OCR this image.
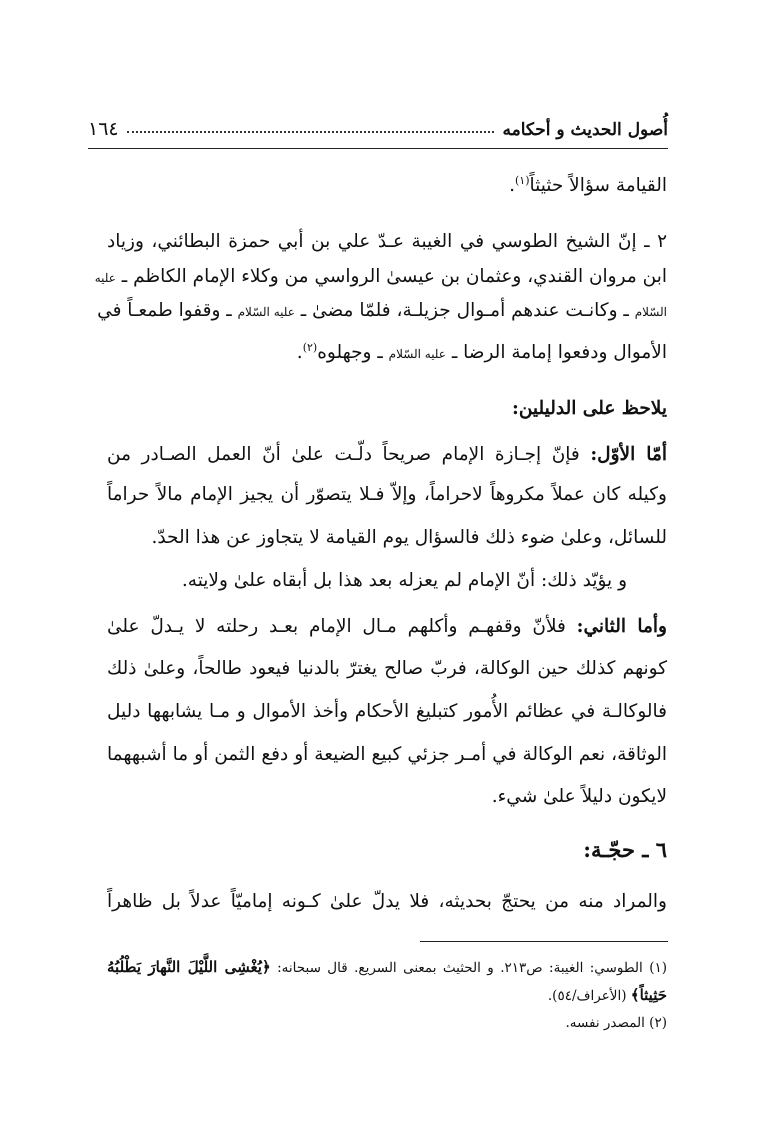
أُصول الحديث و أحكامه
١٦٤
القيامة سؤالاً حثيثاً$^{(١)}$.
٢ ـ إنّ الشيخ الطوسي في الغيبة عـدّ علي بن أبي حمزة البطائني، وزياد
ابن مروان القندي، وعثمان بن عيسىٰ الرواسي من وكلاء الإمام الكاظم ـ عليه
السّلام ـ وكانـت عندهم أمـوال جزيلـة، فلمّا مضىٰ ـ عليه السّلام ـ وقفوا طمعـاً في
الأموال ودفعوا إمامة الرضا ـ عليه السّلام ـ وجهلوه$^{(٢)}$.
يلاحظ على الدليلين:
أمّا الأوّل: فإنّ إجـازة الإمام صريحاً دلّـت علىٰ أنّ العمل الصـادر من
وكيله كان عملاً مكروهاً لاحراماً، وإلاّ فـلا يتصوّر أن يجيز الإمام مالاً حراماً
للسائل، وعلىٰ ضوء ذلك فالسؤال يوم القيامة لا يتجاوز عن هذا الحدّ.
و يؤيّد ذلك: أنّ الإمام لم يعزله بعد هذا بل أبقاه علىٰ ولايته.
وأما الثاني: فلأنّ وقفهـم وأكلهم مـال الإمام بعـد رحلته لا يـدلّ علىٰ
كونهم كذلك حين الوكالة، فربّ صالح يغترّ بالدنيا فيعود طالحاً، وعلىٰ ذلك
فالوكالـة في عظائم الأُمور كتبليغ الأحكام وأخذ الأموال و مـا يشابهها دليل
الوثاقة، نعم الوكالة في أمـر جزئي كبيع الضيعة أو دفع الثمن أو ما أشبههما
لايكون دليلاً علىٰ شيء.
٦ ـ حجّـة:
والمراد منه من يحتجّ بحديثه، فلا يدلّ علىٰ كـونه إماميّاً عدلاً بل ظاهراً
(١) الطوسي: الغيبة: ص٢١٣. و الحثيث بمعنى السريع. قال سبحانه: ﴿يُغْشِى اللَّيْلَ النَّهارَ يَطْلُبُهُ
حَثِيثاً﴾ (الأعراف/٥٤).
(٢) المصدر نفسه.
